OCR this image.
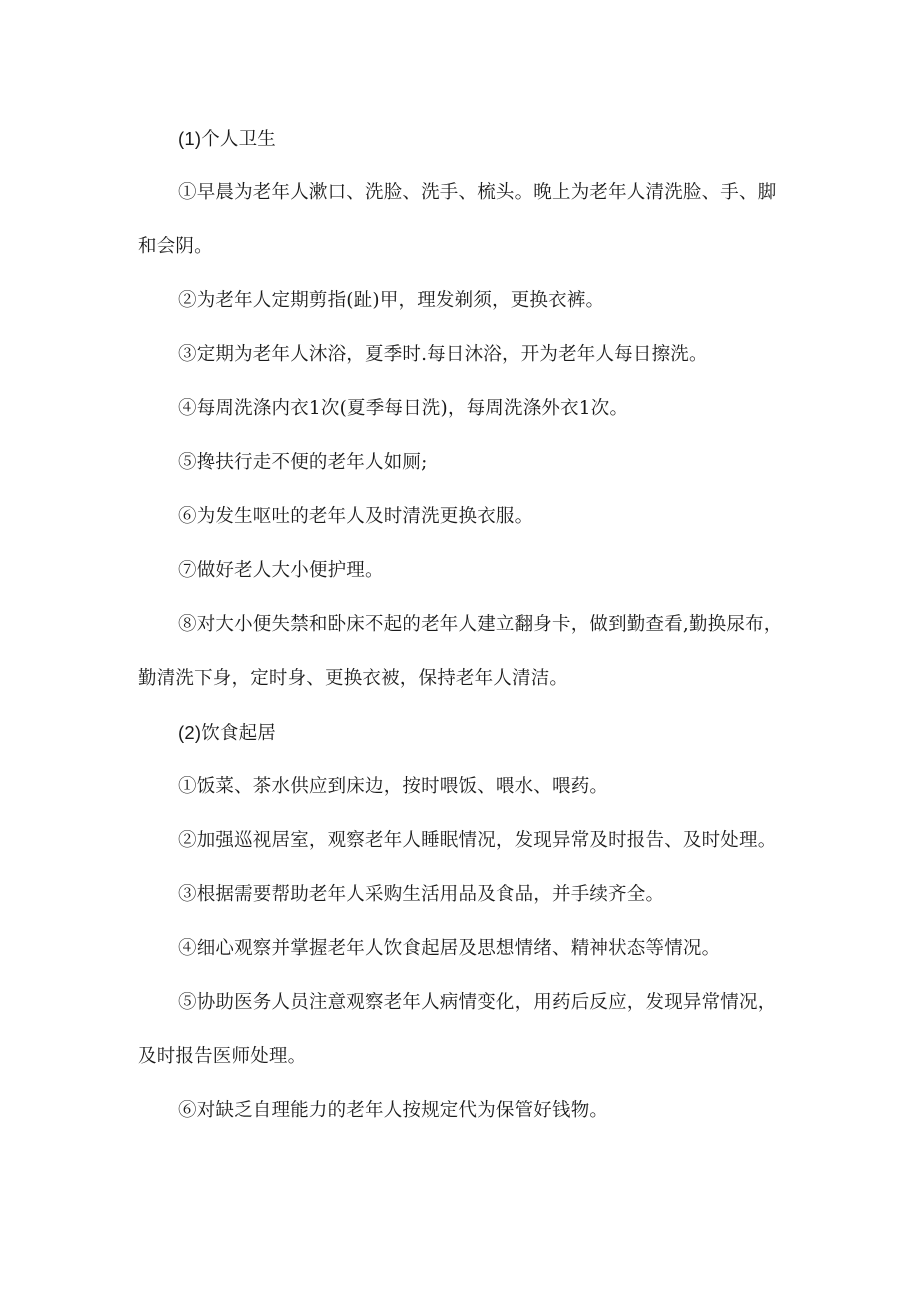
(1)个人卫生

①早晨为老年人漱口、洗脸、洗手、梳头。晚上为老年人清洗脸、手、脚和会阴。

②为老年人定期剪指(趾)甲，理发剃须，更换衣裤。

③定期为老年人沐浴，夏季时.每日沐浴，开为老年人每日擦洗。

④每周洗涤内衣1次(夏季每日洗)，每周洗涤外衣1次。

⑤搀扶行走不便的老年人如厕;

⑥为发生呕吐的老年人及时清洗更换衣服。

⑦做好老人大小便护理。

⑧对大小便失禁和卧床不起的老年人建立翻身卡，做到勤查看,勤换尿布，勤清洗下身，定时身、更换衣被，保持老年人清洁。

(2)饮食起居

①饭菜、茶水供应到床边，按时喂饭、喂水、喂药。

②加强巡视居室，观察老年人睡眠情况，发现异常及时报告、及时处理。

③根据需要帮助老年人采购生活用品及食品，并手续齐全。

④细心观察并掌握老年人饮食起居及思想情绪、精神状态等情况。

⑤协助医务人员注意观察老年人病情变化，用药后反应，发现异常情况，及时报告医师处理。

⑥对缺乏自理能力的老年人按规定代为保管好钱物。
